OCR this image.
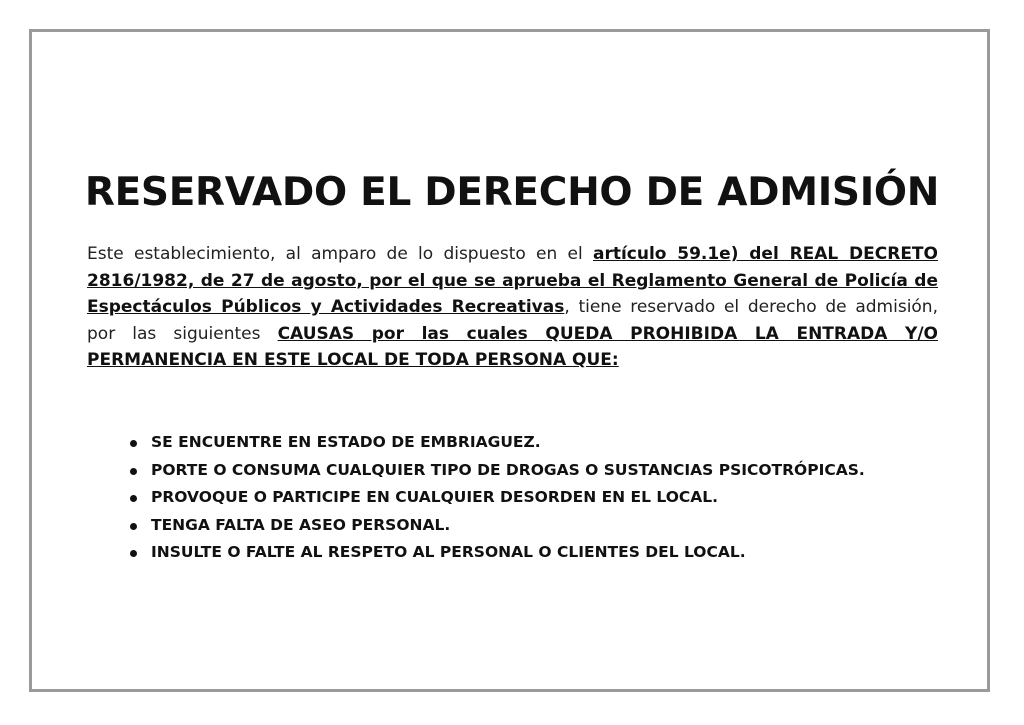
RESERVADO EL DERECHO DE ADMISIÓN

Este establecimiento, al amparo de lo dispuesto en el artículo 59.1e) del REAL DECRETO 2816/1982, de 27 de agosto, por el que se aprueba el Reglamento General de Policía de Espectáculos Públicos y Actividades Recreativas, tiene reservado el derecho de admisión, por las siguientes CAUSAS por las cuales QUEDA PROHIBIDA LA ENTRADA Y/O PERMANENCIA EN ESTE LOCAL DE TODA PERSONA QUE:

SE ENCUENTRE EN ESTADO DE EMBRIAGUEZ.
PORTE O CONSUMA CUALQUIER TIPO DE DROGAS O SUSTANCIAS PSICOTRÓPICAS.
PROVOQUE O PARTICIPE EN CUALQUIER DESORDEN EN EL LOCAL.
TENGA FALTA DE ASEO PERSONAL.
INSULTE O FALTE AL RESPETO AL PERSONAL O CLIENTES DEL LOCAL.
